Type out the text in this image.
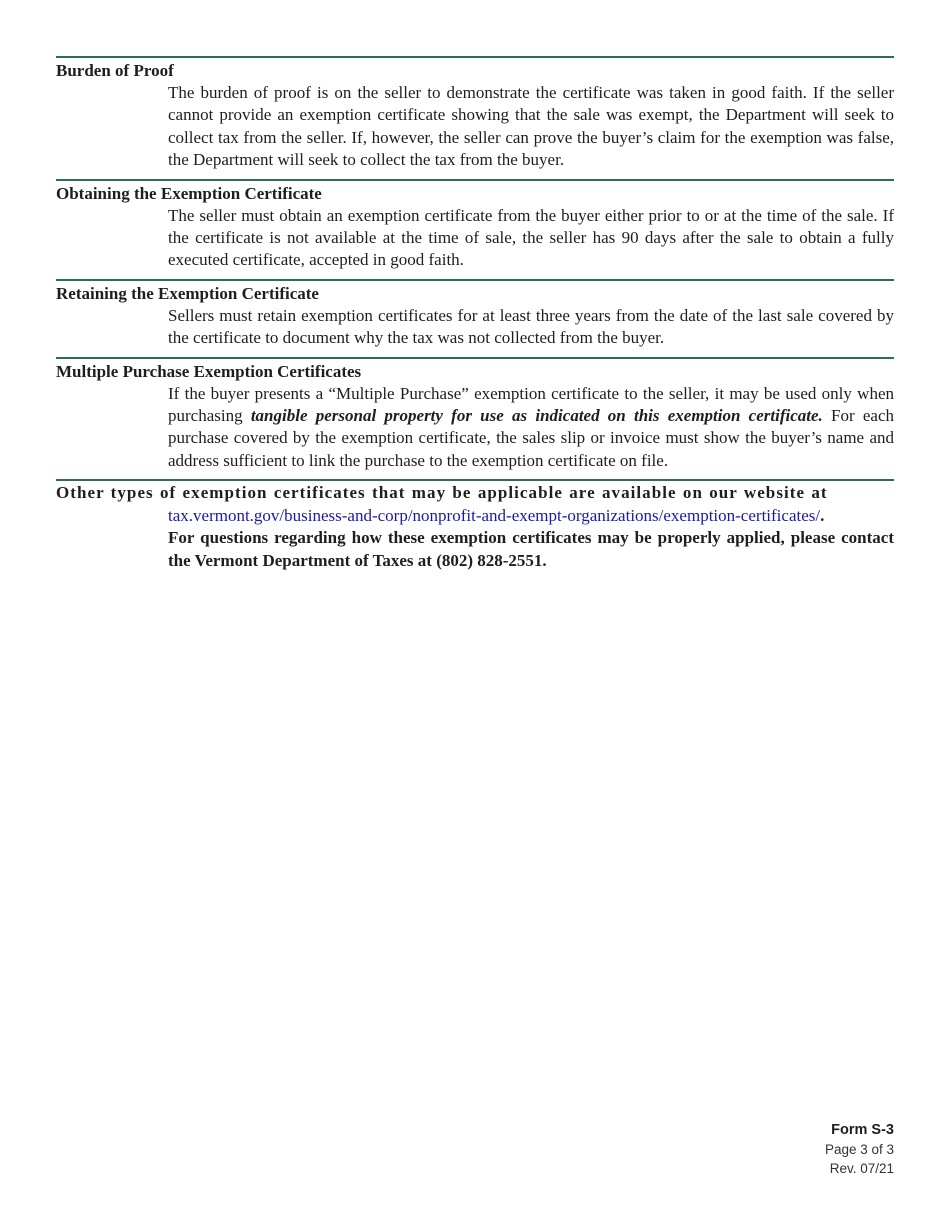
Burden of Proof

The burden of proof is on the seller to demonstrate the certificate was taken in good faith. If the seller cannot provide an exemption certificate showing that the sale was exempt, the Department will seek to collect tax from the seller. If, however, the seller can prove the buyer’s claim for the exemption was false, the Department will seek to collect the tax from the buyer.

Obtaining the Exemption Certificate

The seller must obtain an exemption certificate from the buyer either prior to or at the time of the sale. If the certificate is not available at the time of sale, the seller has 90 days after the sale to obtain a fully executed certificate, accepted in good faith.

Retaining the Exemption Certificate

Sellers must retain exemption certificates for at least three years from the date of the last sale covered by the certificate to document why the tax was not collected from the buyer.

Multiple Purchase Exemption Certificates

If the buyer presents a “Multiple Purchase” exemption certificate to the seller, it may be used only when purchasing tangible personal property for use as indicated on this exemption certificate. For each purchase covered by the exemption certificate, the sales slip or invoice must show the buyer’s name and address sufficient to link the purchase to the exemption certificate on file.

Other types of exemption certificates that may be applicable are available on our website at

tax.vermont.gov/business-and-corp/nonprofit-and-exempt-organizations/exemption-certificates/.
For questions regarding how these exemption certificates may be properly applied, please contact the Vermont Department of Taxes at (802) 828-2551.
Form S-3
Page 3 of 3
Rev. 07/21
